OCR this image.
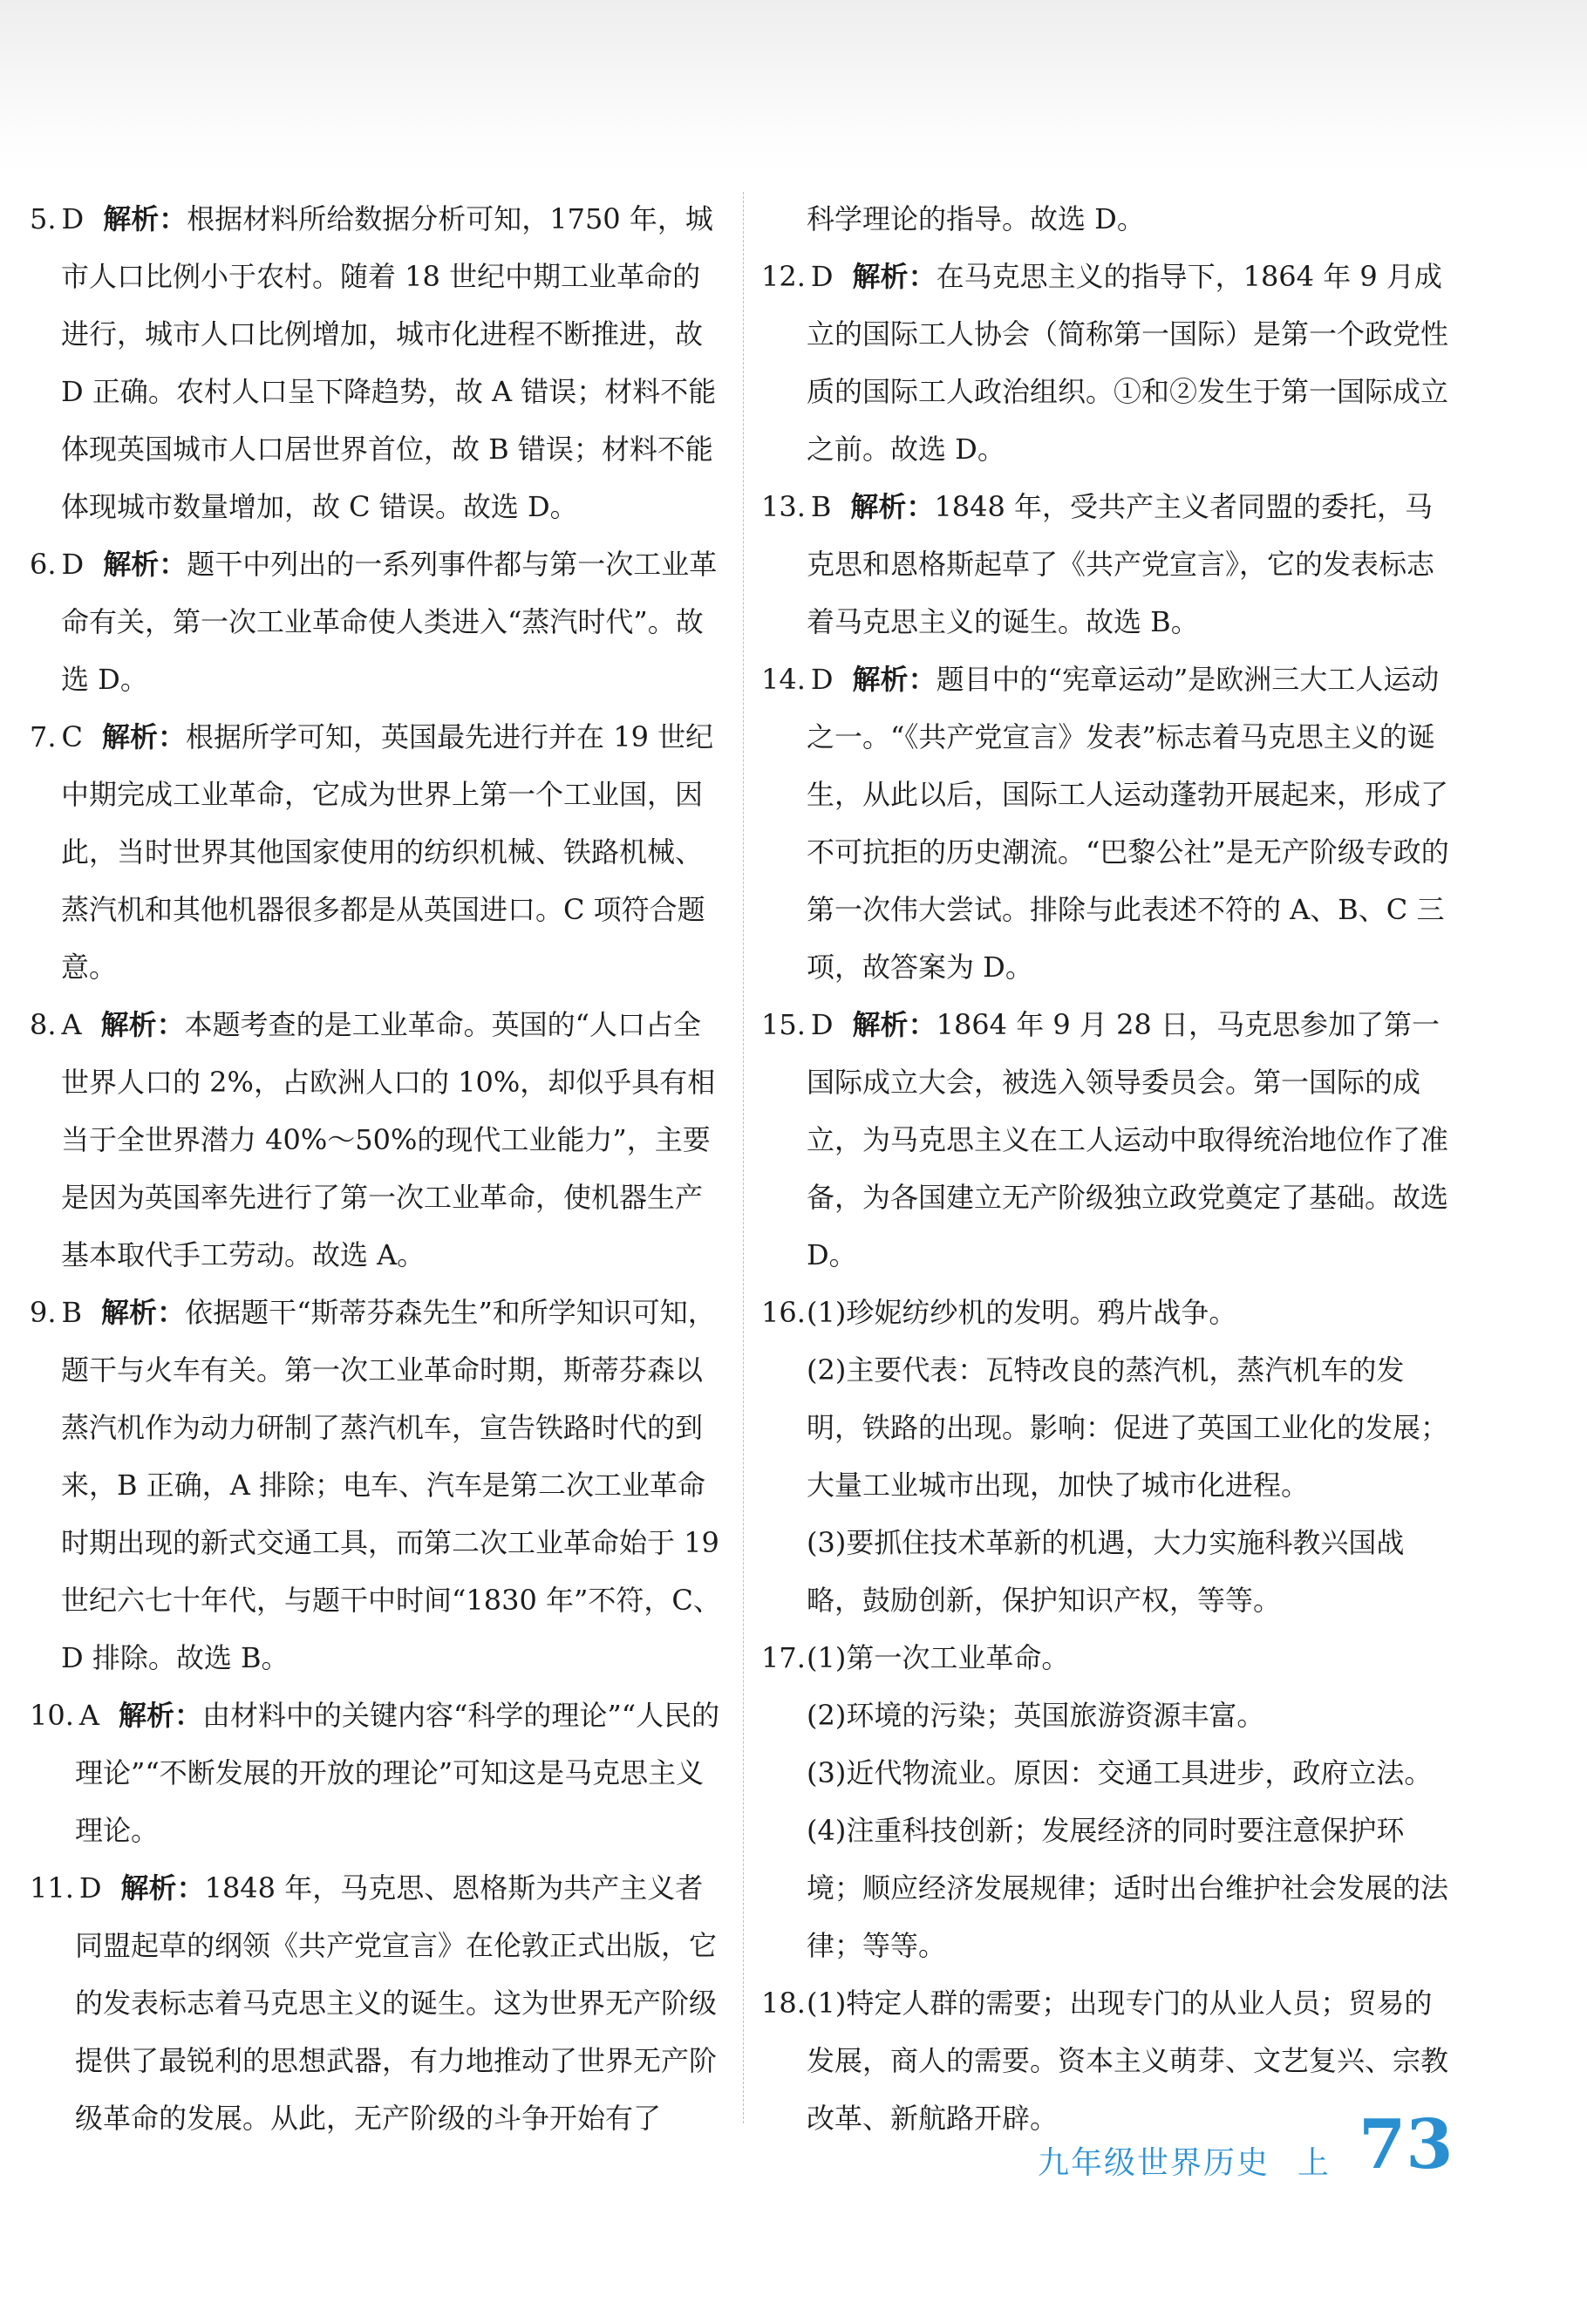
5. D 解析：根据材料所给数据分析可知，1750 年，城市人口比例小于农村。随着 18 世纪中期工业革命的进行，城市人口比例增加，城市化进程不断推进，故 D 正确。农村人口呈下降趋势，故 A 错误；材料不能体现英国城市人口居世界首位，故 B 错误；材料不能体现城市数量增加，故 C 错误。故选 D。

6. D 解析：题干中列出的一系列事件都与第一次工业革命有关，第一次工业革命使人类进入“蒸汽时代”。故选 D。

7. C 解析：根据所学可知，英国最先进行并在 19 世纪中期完成工业革命，它成为世界上第一个工业国，因此，当时世界其他国家使用的纺织机械、铁路机械、蒸汽机和其他机器很多都是从英国进口。C 项符合题意。

8. A 解析：本题考查的是工业革命。英国的“人口占全世界人口的 2%，占欧洲人口的 10%，却似乎具有相当于全世界潜力 40%～50%的现代工业能力”，主要是因为英国率先进行了第一次工业革命，使机器生产基本取代手工劳动。故选 A。

9. B 解析：依据题干“斯蒂芬森先生”和所学知识可知，题干与火车有关。第一次工业革命时期，斯蒂芬森以蒸汽机作为动力研制了蒸汽机车，宣告铁路时代的到来，B 正确，A 排除；电车、汽车是第二次工业革命时期出现的新式交通工具，而第二次工业革命始于 19 世纪六七十年代，与题干中时间“1830 年”不符，C、D 排除。故选 B。

10. A 解析：由材料中的关键内容“科学的理论”“人民的理论”“不断发展的开放的理论”可知这是马克思主义理论。

11. D 解析：1848 年，马克思、恩格斯为共产主义者同盟起草的纲领《共产党宣言》在伦敦正式出版，它的发表标志着马克思主义的诞生。这为世界无产阶级提供了最锐利的思想武器，有力地推动了世界无产阶级革命的发展。从此，无产阶级的斗争开始有了

科学理论的指导。故选 D。

12. D 解析：在马克思主义的指导下，1864 年 9 月成立的国际工人协会（简称第一国际）是第一个政党性质的国际工人政治组织。①和②发生于第一国际成立之前。故选 D。

13. B 解析：1848 年，受共产主义者同盟的委托，马克思和恩格斯起草了《共产党宣言》，它的发表标志着马克思主义的诞生。故选 B。

14. D 解析：题目中的“宪章运动”是欧洲三大工人运动之一。“《共产党宣言》发表”标志着马克思主义的诞生，从此以后，国际工人运动蓬勃开展起来，形成了不可抗拒的历史潮流。“巴黎公社”是无产阶级专政的第一次伟大尝试。排除与此表述不符的 A、B、C 三项，故答案为 D。

15. D 解析：1864 年 9 月 28 日，马克思参加了第一国际成立大会，被选入领导委员会。第一国际的成立，为马克思主义在工人运动中取得统治地位作了准备，为各国建立无产阶级独立政党奠定了基础。故选 D。

16.(1)珍妮纺纱机的发明。鸦片战争。

(2)主要代表：瓦特改良的蒸汽机，蒸汽机车的发明，铁路的出现。影响：促进了英国工业化的发展；大量工业城市出现，加快了城市化进程。

(3)要抓住技术革新的机遇，大力实施科教兴国战略，鼓励创新，保护知识产权，等等。

17.(1)第一次工业革命。

(2)环境的污染；英国旅游资源丰富。

(3)近代物流业。原因：交通工具进步，政府立法。

(4)注重科技创新；发展经济的同时要注意保护环境；顺应经济发展规律；适时出台维护社会发展的法律；等等。

18.(1)特定人群的需要；出现专门的从业人员；贸易的发展，商人的需要。资本主义萌芽、文艺复兴、宗教改革、新航路开辟。

九年级世界历史 上 73
